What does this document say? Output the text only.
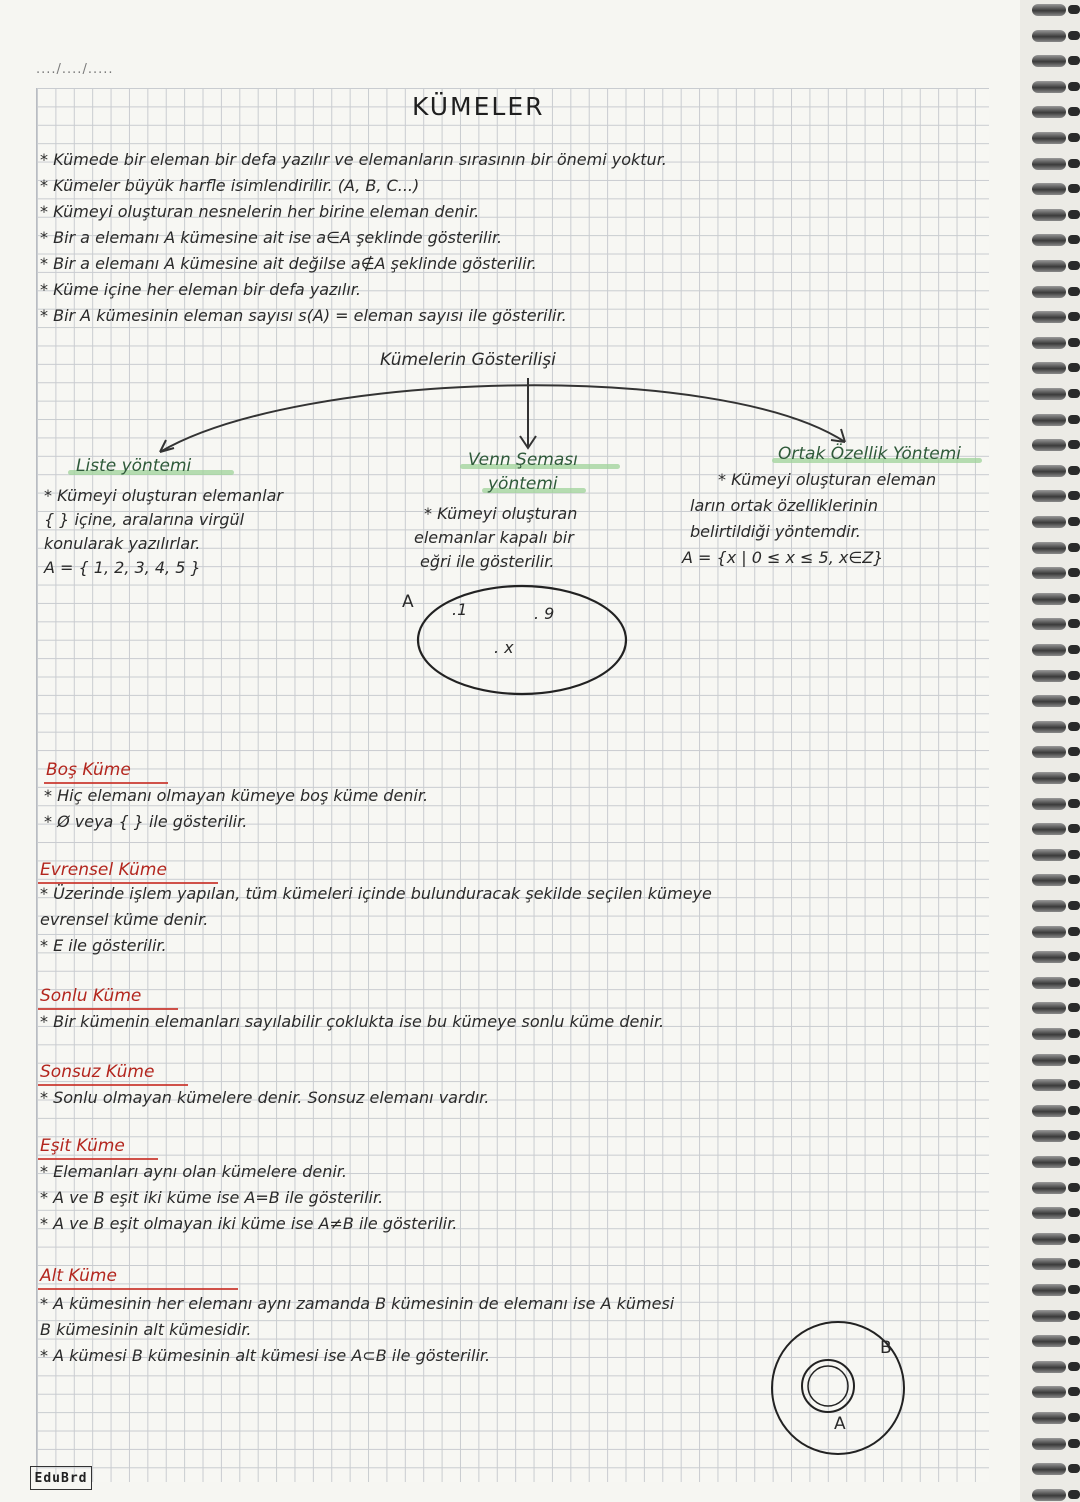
..../..../.....
KÜMELER
* Kümede bir eleman bir defa yazılır ve elemanların sırasının bir önemi yoktur.
* Kümeler büyük harfle isimlendirilir. (A, B, C...)
* Kümeyi oluşturan nesnelerin her birine eleman denir.
* Bir a elemanı A kümesine ait ise a∈A şeklinde gösterilir.
* Bir a elemanı A kümesine ait değilse a∉A şeklinde gösterilir.
* Küme içine her eleman bir defa yazılır.
* Bir A kümesinin eleman sayısı s(A) = eleman sayısı ile gösterilir.
Kümelerin Gösterilişi
Liste yöntemi
* Kümeyi oluşturan elemanlar
{ } içine, aralarına virgül
konularak yazılırlar.
A = { 1, 2, 3, 4, 5 }
Venn Şeması
yöntemi
* Kümeyi oluşturan
elemanlar kapalı bir
eğri ile gösterilir.
A .1	. 9
. x
Ortak Özellik Yöntemi
* Kümeyi oluşturan eleman
ların ortak özelliklerinin
belirtildiği yöntemdir.
A = {x | 0 ≤ x ≤ 5, x∈Z}
Boş Küme
* Hiç elemanı olmayan kümeye boş küme denir.
* Ø veya { } ile gösterilir.
Evrensel Küme
* Üzerinde işlem yapılan, tüm kümeleri içinde bulunduracak şekilde seçilen kümeye
evrensel küme denir.
* E ile gösterilir.
Sonlu Küme
* Bir kümenin elemanları sayılabilir çoklukta ise bu kümeye sonlu küme denir.
Sonsuz Küme
* Sonlu olmayan kümelere denir. Sonsuz elemanı vardır.
Eşit Küme
* Elemanları aynı olan kümelere denir.
* A ve B eşit iki küme ise A=B ile gösterilir.
* A ve B eşit olmayan iki küme ise A≠B ile gösterilir.
Alt Küme
* A kümesinin her elemanı aynı zamanda B kümesinin de elemanı ise A kümesi
B kümesinin alt kümesidir.
* A kümesi B kümesinin alt kümesi ise A⊂B ile gösterilir.	B
A
EduBrd
